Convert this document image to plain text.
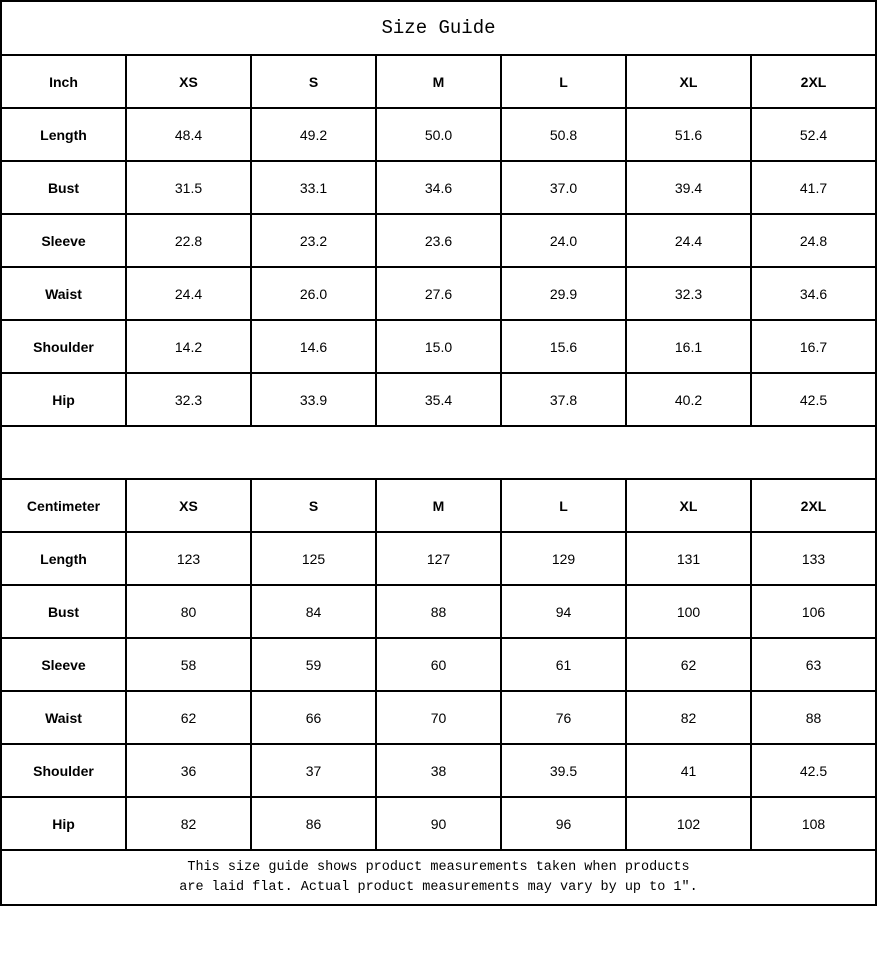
Size Guide						
Inch	XS	S	M	L	XL	2XL
Length	48.4	49.2	50.0	50.8	51.6	52.4
Bust	31.5	33.1	34.6	37.0	39.4	41.7
Sleeve	22.8	23.2	23.6	24.0	24.4	24.8
Waist	24.4	26.0	27.6	29.9	32.3	34.6
Shoulder	14.2	14.6	15.0	15.6	16.1	16.7
Hip	32.3	33.9	35.4	37.8	40.2	42.5

Centimeter	XS	S	M	L	XL	2XL
Length	123	125	127	129	131	133
Bust	80	84	88	94	100	106
Sleeve	58	59	60	61	62	63
Waist	62	66	70	76	82	88
Shoulder	36	37	38	39.5	41	42.5
Hip	82	86	90	96	102	108

This size guide shows product measurements taken when products
are laid flat. Actual product measurements may vary by up to 1″.						
